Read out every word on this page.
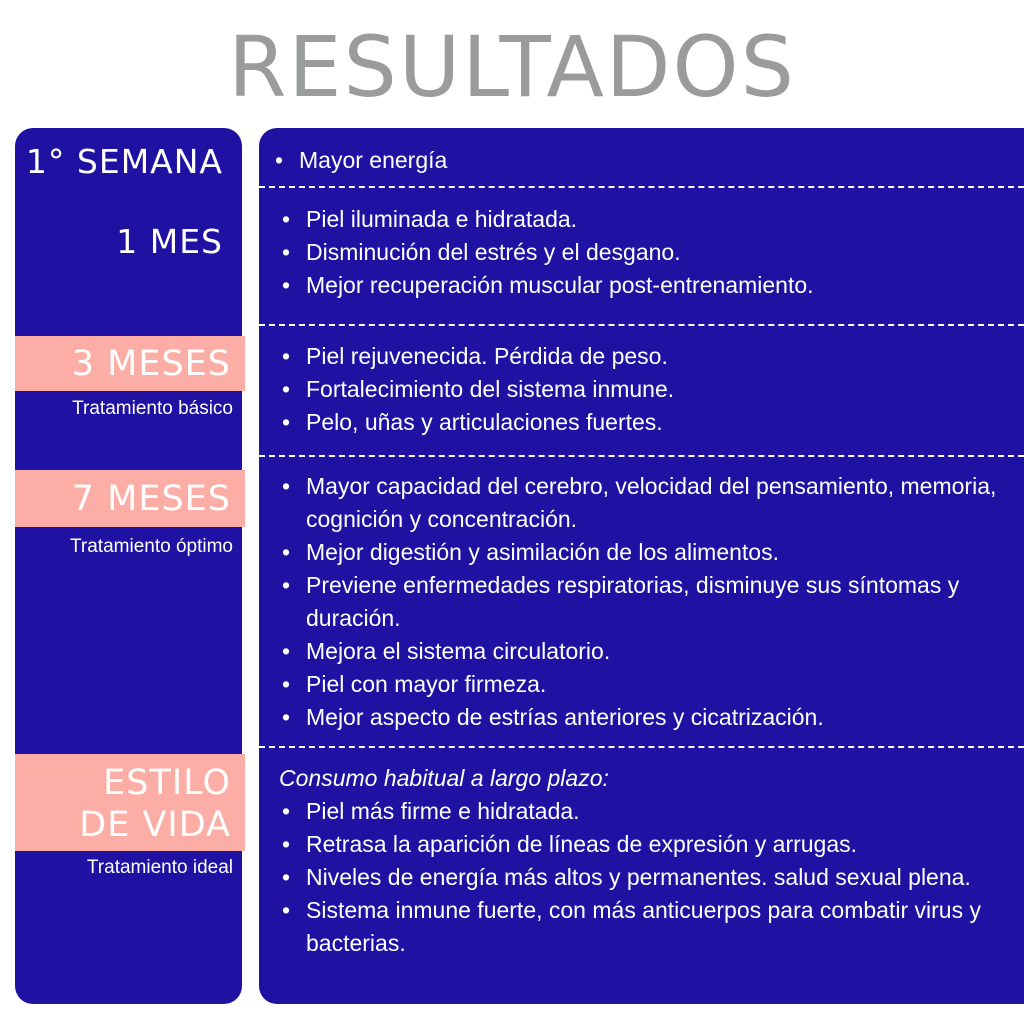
RESULTADOS
1° SEMANA
1 MES
3 MESES
Tratamiento básico
7 MESES
Tratamiento óptimo
ESTILO
DE VIDA
Tratamiento ideal
• Mayor energía
• Piel iluminada e hidratada.
• Disminución del estrés y el desgano.
• Mejor recuperación muscular post-entrenamiento.
• Piel rejuvenecida. Pérdida de peso.
• Fortalecimiento del sistema inmune.
• Pelo, uñas y articulaciones fuertes.
• Mayor capacidad del cerebro, velocidad del pensamiento, memoria, cognición y concentración.
• Mejor digestión y asimilación de los alimentos.
• Previene enfermedades respiratorias, disminuye sus síntomas y duración.
• Mejora el sistema circulatorio.
• Piel con mayor firmeza.
• Mejor aspecto de estrías anteriores y cicatrización.
Consumo habitual a largo plazo:
• Piel más firme e hidratada.
• Retrasa la aparición de líneas de expresión y arrugas.
• Niveles de energía más altos y permanentes. salud sexual plena.
• Sistema inmune fuerte, con más anticuerpos para combatir virus y bacterias.
